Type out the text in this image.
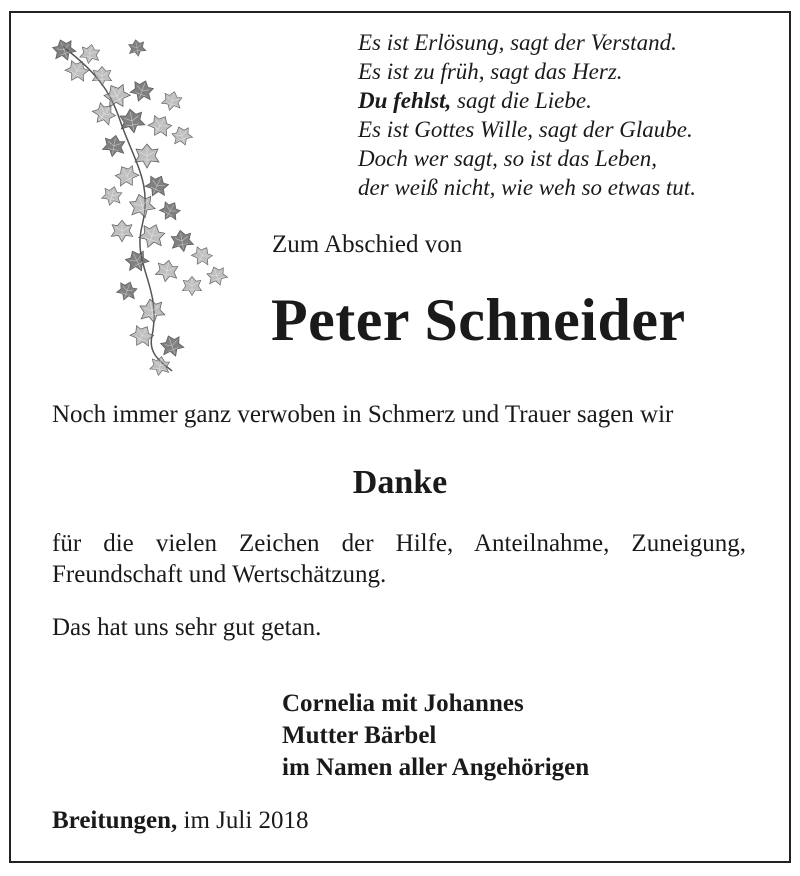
Es ist Erlösung, sagt der Verstand.
Es ist zu früh, sagt das Herz.
Du fehlst, sagt die Liebe.
Es ist Gottes Wille, sagt der Glaube.
Doch wer sagt, so ist das Leben,
der weiß nicht, wie weh so etwas tut.
Zum Abschied von
Peter Schneider
Noch immer ganz verwoben in Schmerz und Trauer sagen wir
Danke
für die vielen Zeichen der Hilfe, Anteilnahme, Zuneigung, Freundschaft und Wertschätzung.
Das hat uns sehr gut getan.
Cornelia mit Johannes
Mutter Bärbel
im Namen aller Angehörigen
Breitungen, im Juli 2018
